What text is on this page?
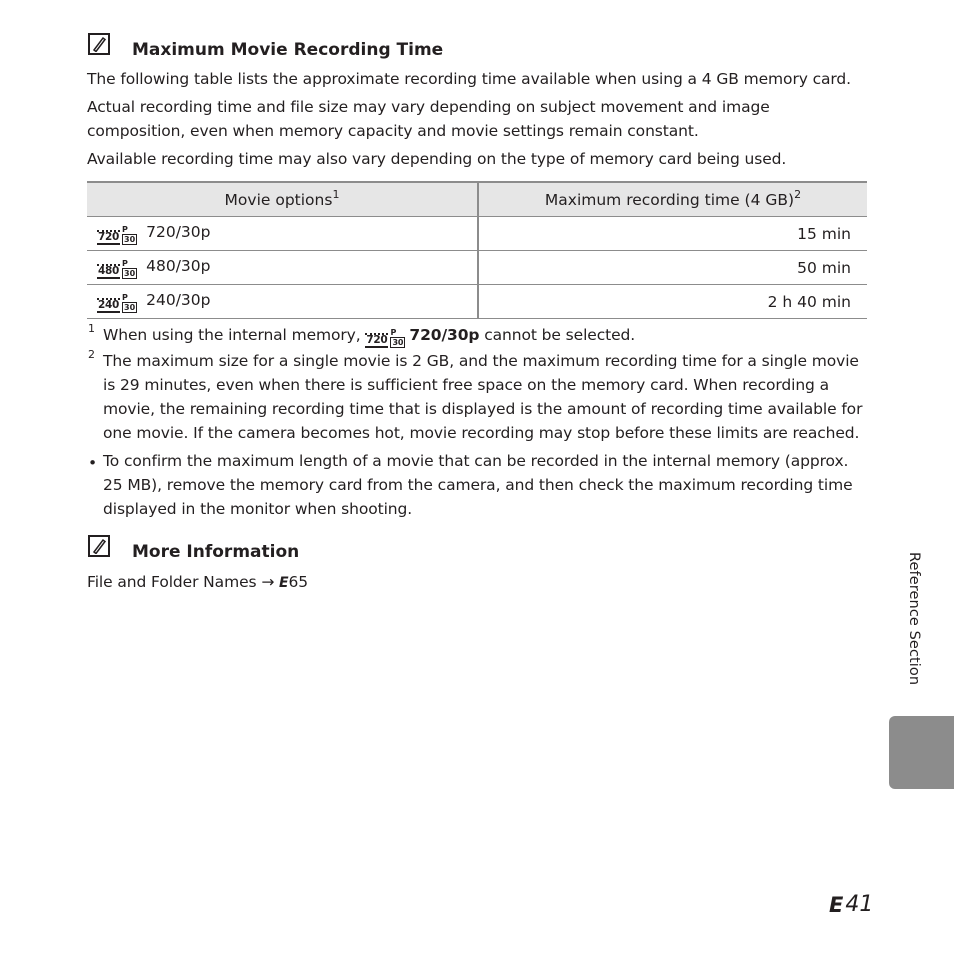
Maximum Movie Recording Time
The following table lists the approximate recording time available when using a 4 GB memory card.
Actual recording time and file size may vary depending on subject movement and image
composition, even when memory capacity and movie settings remain constant.
Available recording time may also vary depending on the type of memory card being used.
Movie options$^1$	Maximum recording time (4 GB)$^2$

720
P
30 720/30p	15 min

480
P
30 480/30p	50 min

240
P
30 240/30p	2 h 40 min
1 When using the internal memory, 720
P
30 720/30p cannot be selected.
2 The maximum size for a single movie is 2 GB, and the maximum recording time for a single movie
is 29 minutes, even when there is sufficient free space on the memory card. When recording a
movie, the remaining recording time that is displayed is the amount of recording time available for
one movie. If the camera becomes hot, movie recording may stop before these limits are reached.
• To confirm the maximum length of a movie that can be recorded in the internal memory (approx.
25 MB), remove the memory card from the camera, and then check the maximum recording time
displayed in the monitor when shooting.
More Information
File and Folder Names → E65	Reference Section
E 41
